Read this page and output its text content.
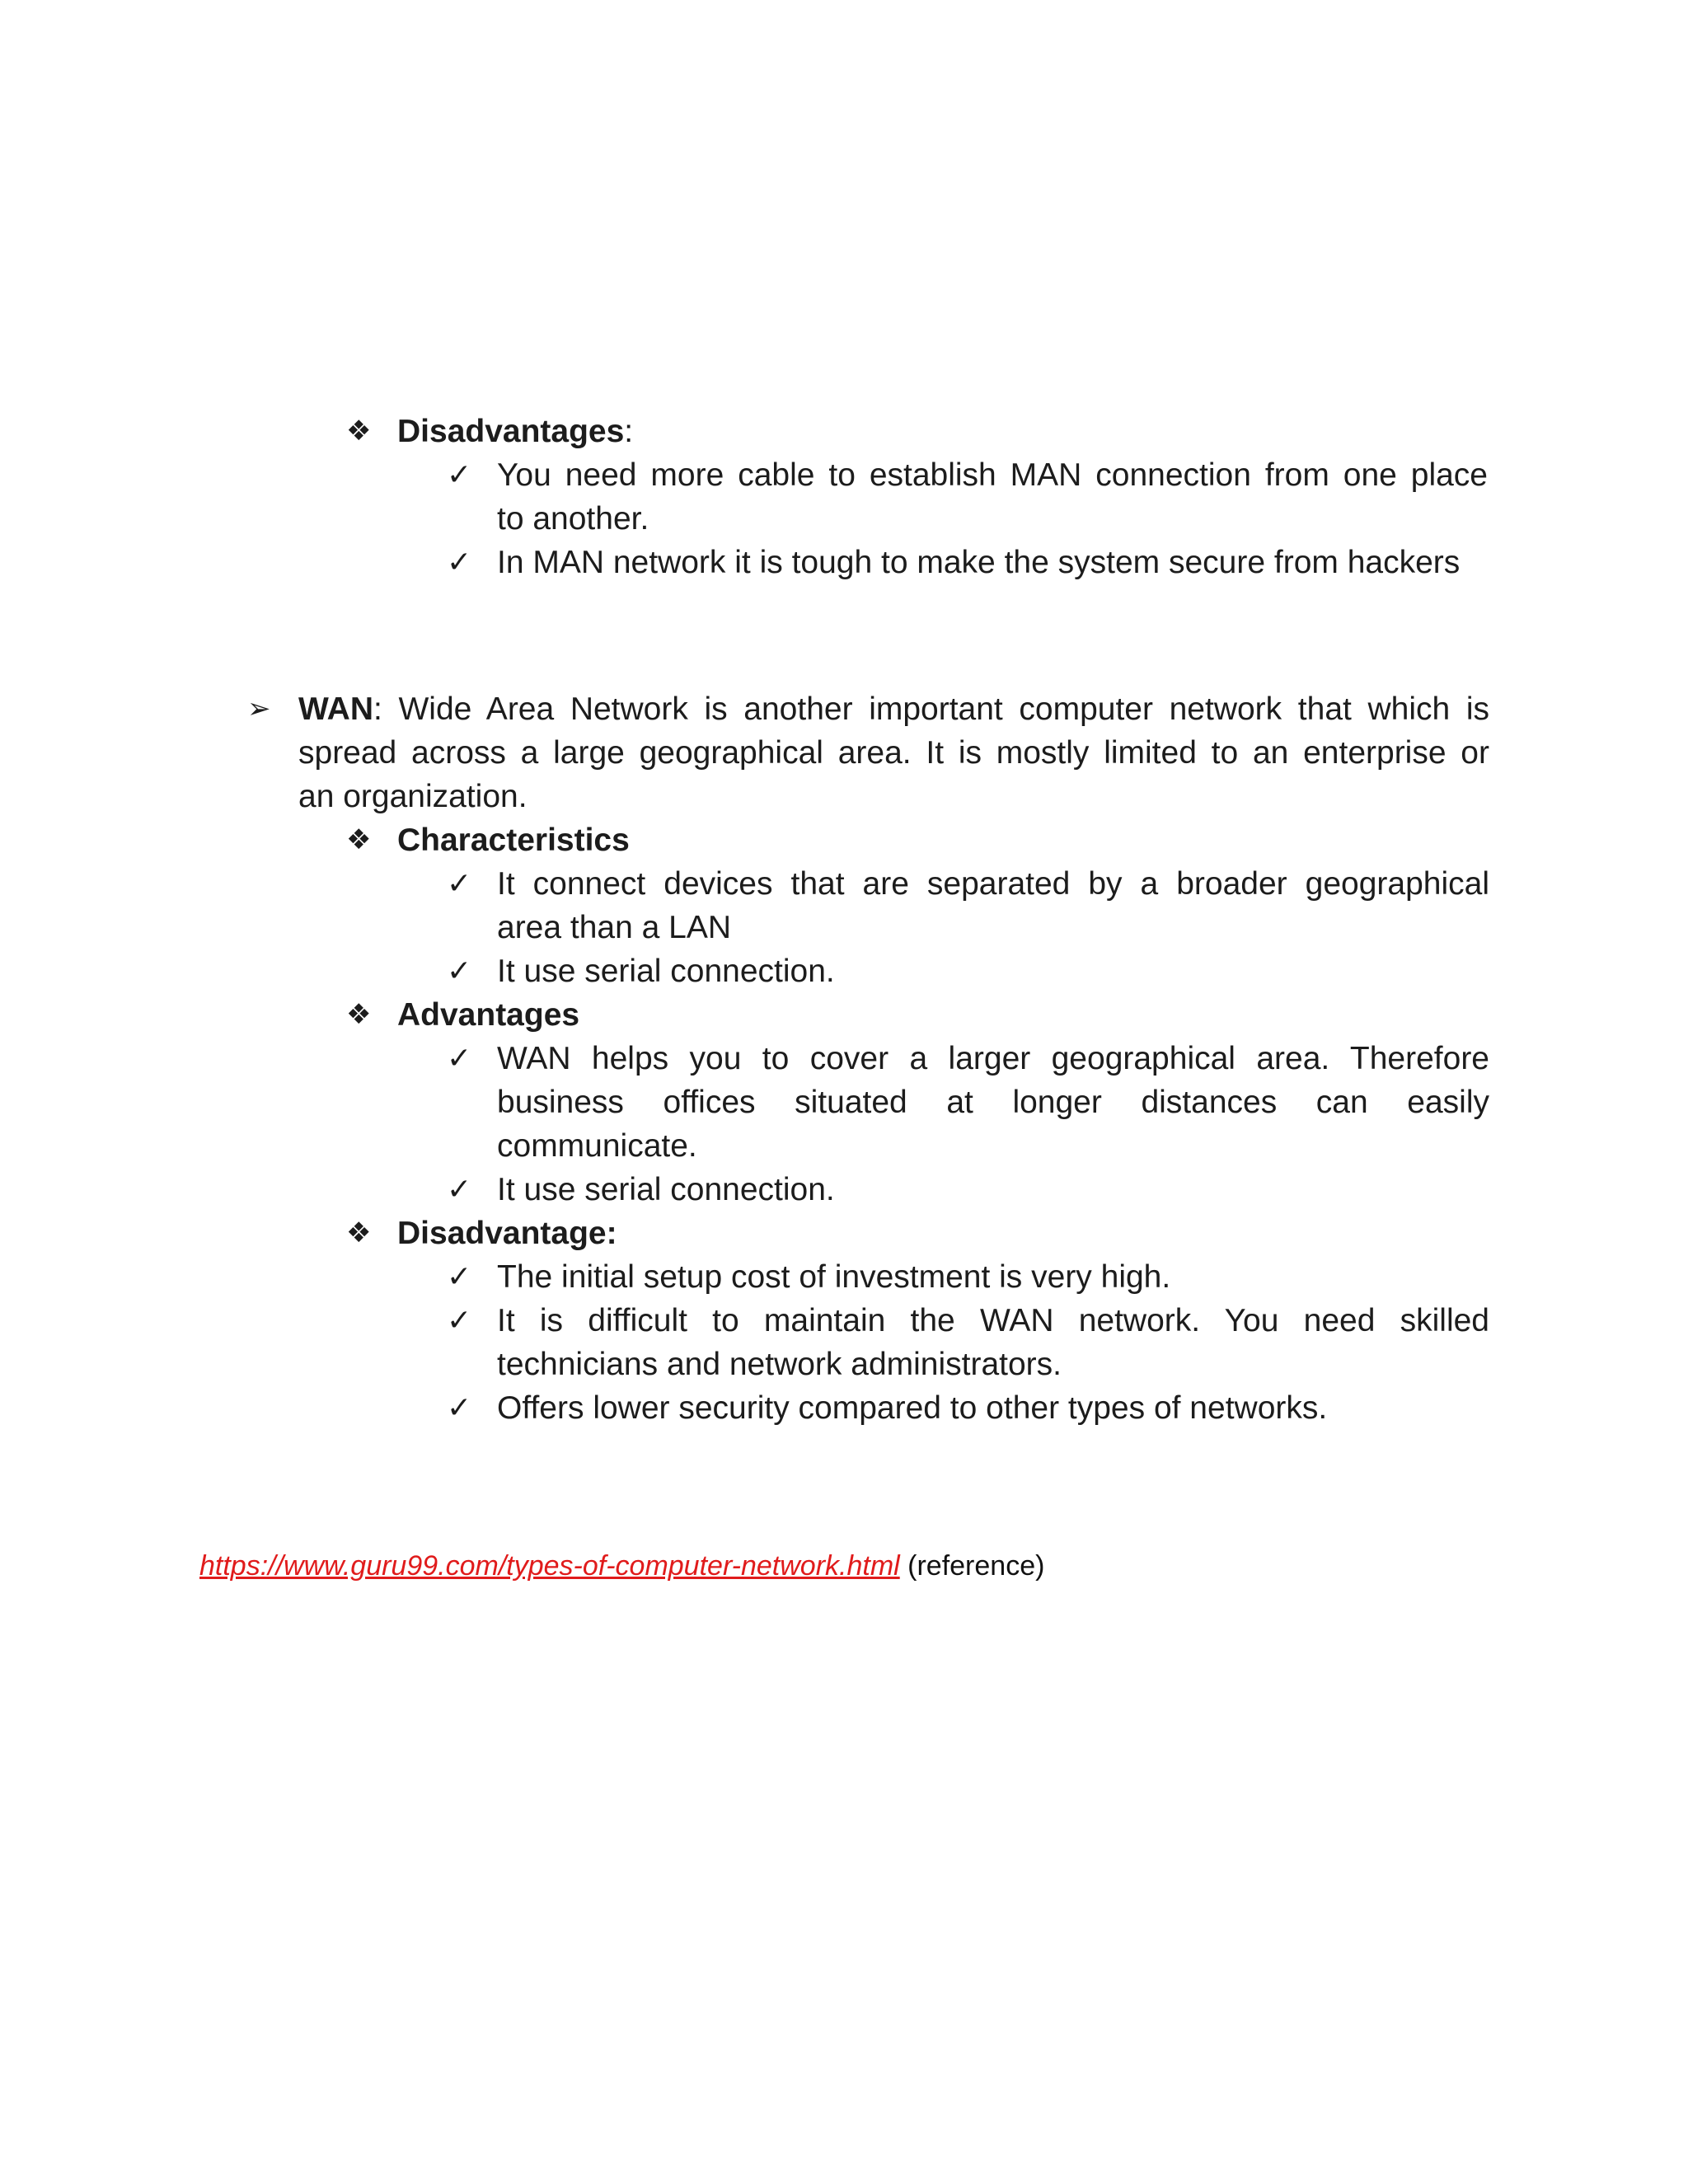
❖ Disadvantages:
✓ You need more cable to establish MAN connection from one place
to another.
✓ In MAN network it is tough to make the system secure from hackers
➢ WAN: Wide Area Network is another important computer network that which is
spread across a large geographical area. It is mostly limited to an enterprise or
an organization.
❖ Characteristics
✓ It connect devices that are separated by a broader geographical
area than a LAN
✓ It use serial connection.
❖ Advantages
✓ WAN helps you to cover a larger geographical area. Therefore
business offices situated at longer distances can easily
communicate.
✓ It use serial connection.
❖ Disadvantage:
✓ The initial setup cost of investment is very high.
✓ It is difficult to maintain the WAN network. You need skilled
technicians and network administrators.
✓ Offers lower security compared to other types of networks.
https://www.guru99.com/types-of-computer-network.html (reference)
